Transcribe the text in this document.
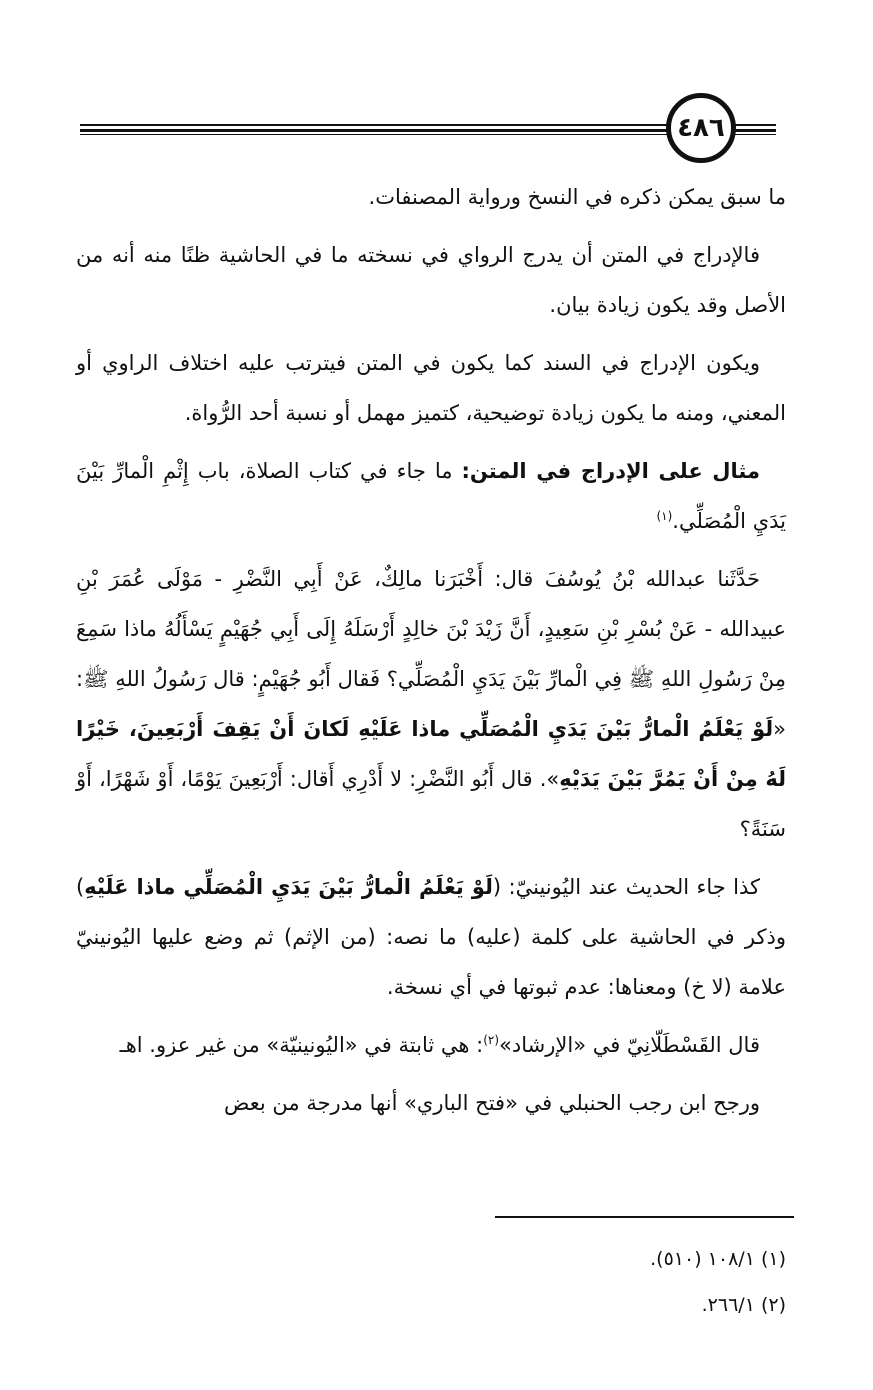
٤٨٦

ما سبق يمكن ذكره في النسخ ورواية المصنفات.

فالإدراج في المتن أن يدرج الرواي في نسخته ما في الحاشية ظنًا منه أنه من الأصل وقد يكون زيادة بيان.

ويكون الإدراج في السند كما يكون في المتن فيترتب عليه اختلاف الراوي أو المعني، ومنه ما يكون زيادة توضيحية، كتميز مهمل أو نسبة أحد الرُّواة.

مثال على الإدراج في المتن: ما جاء في كتاب الصلاة، باب إِثْمِ الْمارِّ بَيْنَ يَدَيِ الْمُصَلِّي.$^{(١)}$

حَدَّثَنا عبدالله بْنُ يُوسُفَ قال: أَخْبَرَنا مالِكٌ، عَنْ أَبِي النَّضْرِ - مَوْلَى عُمَرَ بْنِ عبيدالله - عَنْ بُسْرِ بْنِ سَعِيدٍ، أَنَّ زَيْدَ بْنَ خالِدٍ أَرْسَلَهُ إِلَى أَبِي جُهَيْمٍ يَسْأَلُهُ ماذا سَمِعَ مِنْ رَسُولِ اللهِ ﷺ فِي الْمارِّ بَيْنَ يَدَيِ الْمُصَلِّي؟ فَقال أَبُو جُهَيْمٍ: قال رَسُولُ اللهِ ﷺ: «لَوْ يَعْلَمُ الْمارُّ بَيْنَ يَدَيِ الْمُصَلِّي ماذا عَلَيْهِ لَكانَ أَنْ يَقِفَ أَرْبَعِينَ، خَيْرًا لَهُ مِنْ أَنْ يَمُرَّ بَيْنَ يَدَيْهِ». قال أَبُو النَّضْرِ: لا أَدْرِي أَقال: أَرْبَعِينَ يَوْمًا، أَوْ شَهْرًا، أَوْ سَنَةً؟

كذا جاء الحديث عند اليُونينيّ: (لَوْ يَعْلَمُ الْمارُّ بَيْنَ يَدَيِ الْمُصَلِّي ماذا عَلَيْهِ) وذكر في الحاشية على كلمة (عليه) ما نصه: (من الإثم) ثم وضع عليها اليُونينيّ علامة (لا خ) ومعناها: عدم ثبوتها في أي نسخة.

قال القَسْطَلّانِيّ في «الإرشاد»$^{(٢)}$: هي ثابتة في «اليُونينيّة» من غير عزو. اهـ

ورجح ابن رجب الحنبلي في «فتح الباري» أنها مدرجة من بعض

(١) ١٠٨/١ (٥١٠).
(٢) ٢٦٦/١.
